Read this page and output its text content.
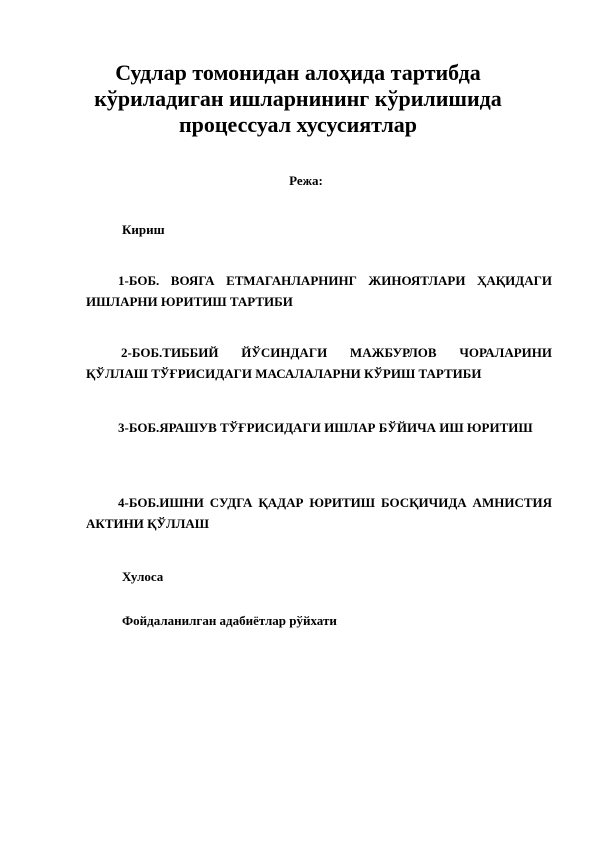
Судлар томонидан алоҳида тартибда кўриладиган ишларнининг кўрилишида процессуал хусусиятлар

Режа:

Кириш

1-БОБ. ВОЯГА ЕТМАГАНЛАРНИНГ ЖИНОЯТЛАРИ ҲАҚИДАГИ ИШЛАРНИ ЮРИТИШ ТАРТИБИ

2-БОБ.ТИББИЙ ЙЎСИНДАГИ МАЖБУРЛОВ ЧОРАЛАРИНИ ҚЎЛЛАШ ТЎҒРИСИДАГИ МАСАЛАЛАРНИ КЎРИШ ТАРТИБИ

3-БОБ.ЯРАШУВ ТЎҒРИСИДАГИ ИШЛАР БЎЙИЧА ИШ ЮРИТИШ

4-БОБ.ИШНИ СУДГА ҚАДАР ЮРИТИШ БОСҚИЧИДА АМНИСТИЯ АКТИНИ ҚЎЛЛАШ

Хулоса

Фойдаланилган адабиётлар рўйхати
